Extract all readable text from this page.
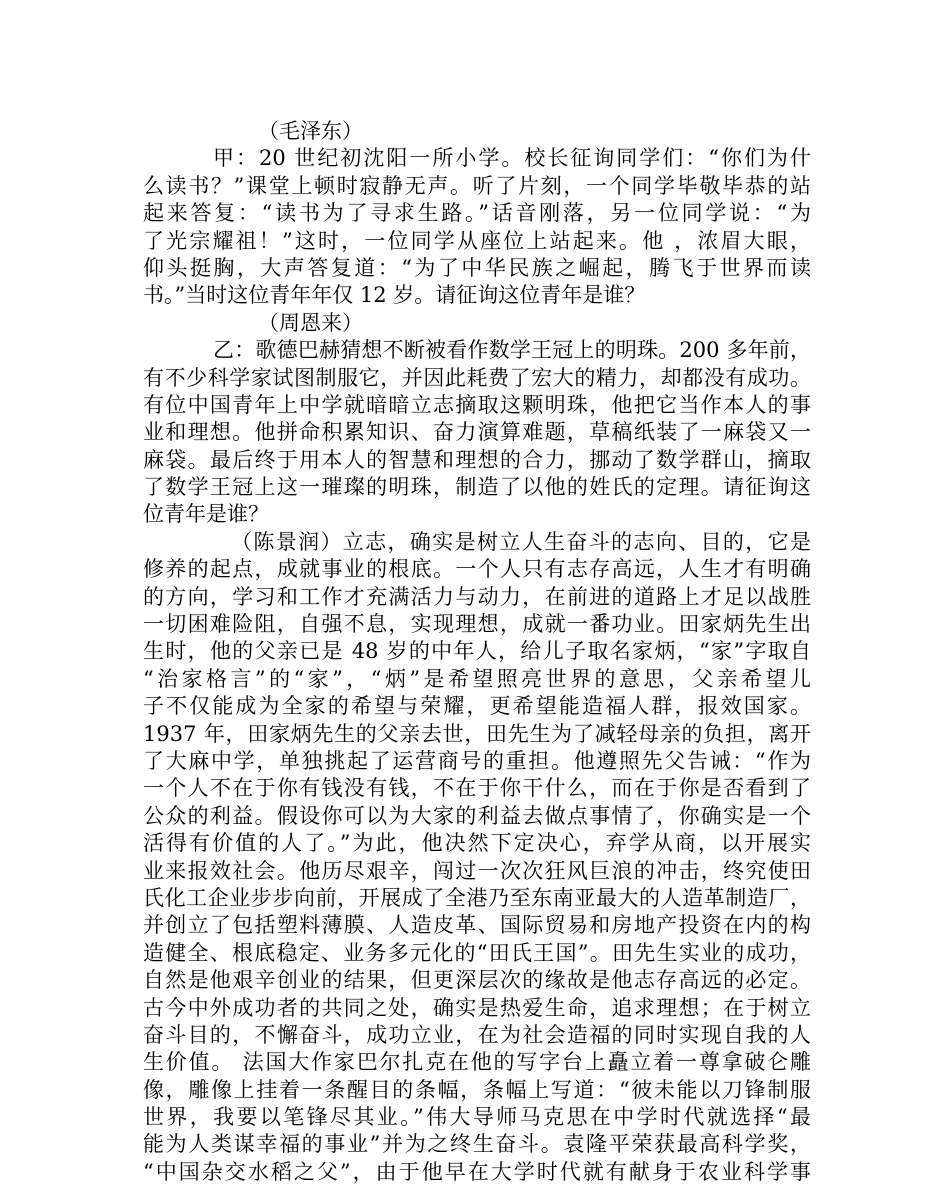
（毛泽东）
甲：20 世纪初沈阳一所小学。校长征询同学们：“你们为什
么读书？”课堂上顿时寂静无声。听了片刻，一个同学毕敬毕恭的站
起来答复：“读书为了寻求生路。”话音刚落，另一位同学说：“为
了光宗耀祖！”这时，一位同学从座位上站起来。他 ，浓眉大眼，
仰头挺胸，大声答复道：“为了中华民族之崛起，腾飞于世界而读
书。”当时这位青年年仅 12 岁。请征询这位青年是谁？
（周恩来）
乙：歌德巴赫猜想不断被看作数学王冠上的明珠。200 多年前，
有不少科学家试图制服它，并因此耗费了宏大的精力，却都没有成功。
有位中国青年上中学就暗暗立志摘取这颗明珠，他把它当作本人的事
业和理想。他拼命积累知识、奋力演算难题，草稿纸装了一麻袋又一
麻袋。最后终于用本人的智慧和理想的合力，挪动了数学群山，摘取
了数学王冠上这一璀璨的明珠，制造了以他的姓氏的定理。请征询这
位青年是谁？
（陈景润）立志，确实是树立人生奋斗的志向、目的，它是
修养的起点，成就事业的根底。一个人只有志存高远，人生才有明确
的方向，学习和工作才充满活力与动力，在前进的道路上才足以战胜
一切困难险阻，自强不息，实现理想，成就一番功业。田家炳先生出
生时，他的父亲已是 48 岁的中年人，给儿子取名家炳，“家”字取自
“治家格言”的“家”，“炳”是希望照亮世界的意思，父亲希望儿
子不仅能成为全家的希望与荣耀，更希望能造福人群，报效国家。
1937 年，田家炳先生的父亲去世，田先生为了减轻母亲的负担，离开
了大麻中学，单独挑起了运营商号的重担。他遵照先父告诫：“作为
一个人不在于你有钱没有钱，不在于你干什么，而在于你是否看到了
公众的利益。假设你可以为大家的利益去做点事情了，你确实是一个
活得有价值的人了。”为此，他决然下定决心，弃学从商，以开展实
业来报效社会。他历尽艰辛，闯过一次次狂风巨浪的冲击，终究使田
氏化工企业步步向前，开展成了全港乃至东南亚最大的人造革制造厂，
并创立了包括塑料薄膜、人造皮革、国际贸易和房地产投资在内的构
造健全、根底稳定、业务多元化的“田氏王国”。田先生实业的成功，
自然是他艰辛创业的结果，但更深层次的缘故是他志存高远的必定。
古今中外成功者的共同之处，确实是热爱生命，追求理想；在于树立
奋斗目的，不懈奋斗，成功立业，在为社会造福的同时实现自我的人
生价值。 法国大作家巴尔扎克在他的写字台上矗立着一尊拿破仑雕
像，雕像上挂着一条醒目的条幅，条幅上写道：“彼未能以刀锋制服
世界，我要以笔锋尽其业。”伟大导师马克思在中学时代就选择“最
能为人类谋幸福的事业”并为之终生奋斗。袁隆平荣获最高科学奖，
“中国杂交水稻之父”，由于他早在大学时代就有献身于农业科学事
